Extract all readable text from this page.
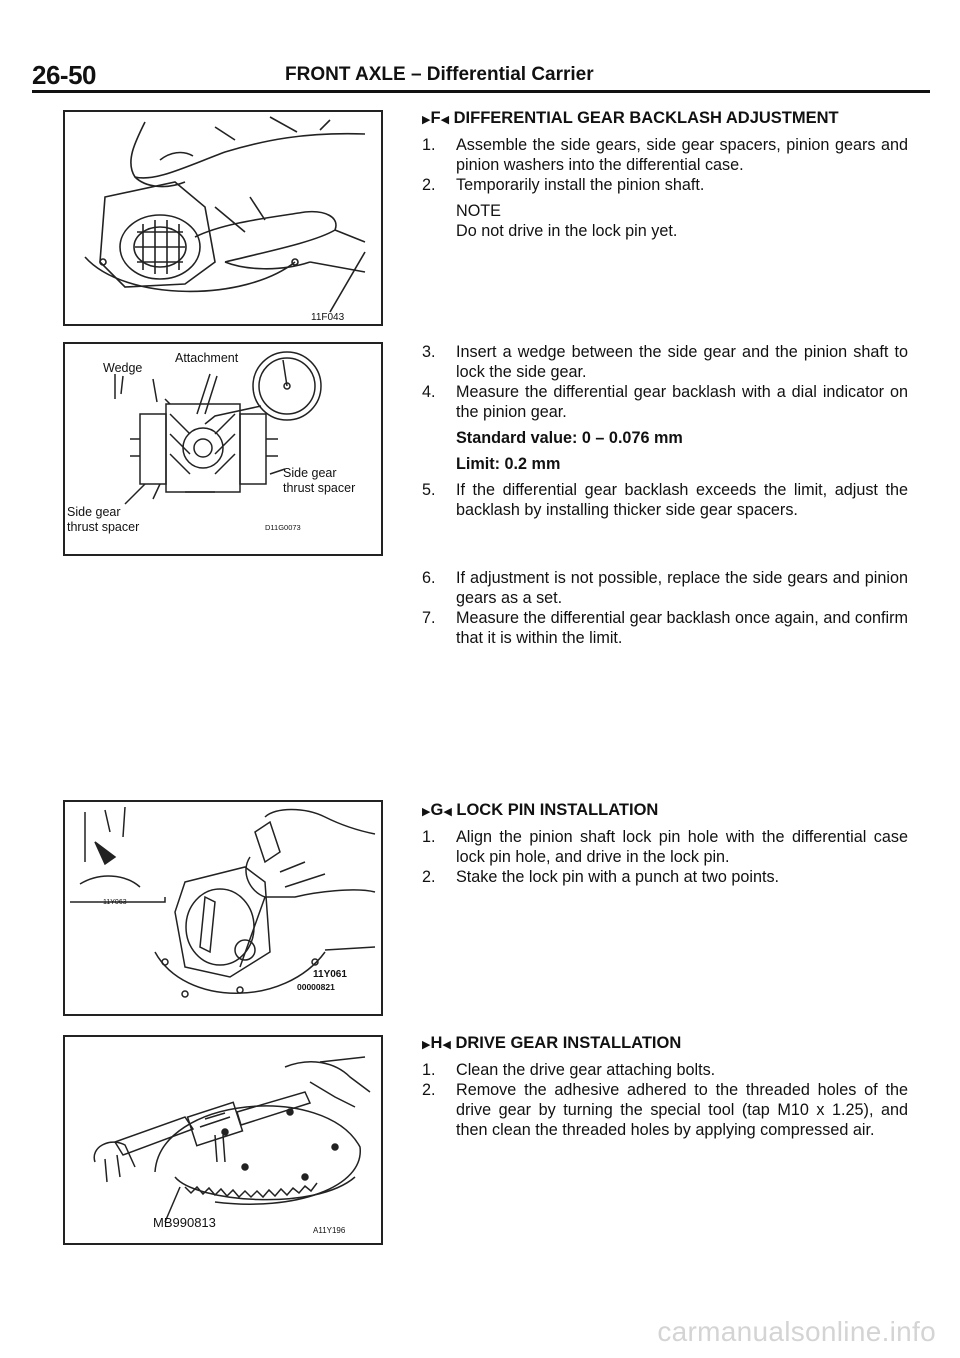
26-50	FRONT AXLE – Differential Carrier
11F043
Wedge
Attachment
Side gear
thrust spacer
Side gear
thrust spacer	D11G0073
11Y063
11Y061
00000821
MB990813
A11Y196
▶F◀ DIFFERENTIAL GEAR BACKLASH ADJUSTMENT
1.	Assemble the side gears, side gear spacers, pinion gears and pinion washers into the differential case.
2.	Temporarily install the pinion shaft.
NOTE
Do not drive in the lock pin yet.
3.	Insert a wedge between the side gear and the pinion shaft to lock the side gear.
4.	Measure the differential gear backlash with a dial indicator on the pinion gear.
Standard value: 0 – 0.076 mm
Limit: 0.2 mm
5.	If the differential gear backlash exceeds the limit, adjust the backlash by installing thicker side gear spacers.
6.	If adjustment is not possible, replace the side gears and pinion gears as a set.
7.	Measure the differential gear backlash once again, and confirm that it is within the limit.
▶G◀ LOCK PIN INSTALLATION
1.	Align the pinion shaft lock pin hole with the differential case lock pin hole, and drive in the lock pin.
2.	Stake the lock pin with a punch at two points.
▶H◀ DRIVE GEAR INSTALLATION
1.	Clean the drive gear attaching bolts.
2.	Remove the adhesive adhered to the threaded holes of the drive gear by turning the special tool (tap M10 x 1.25), and then clean the threaded holes by applying compressed air.
carmanualsonline.info
